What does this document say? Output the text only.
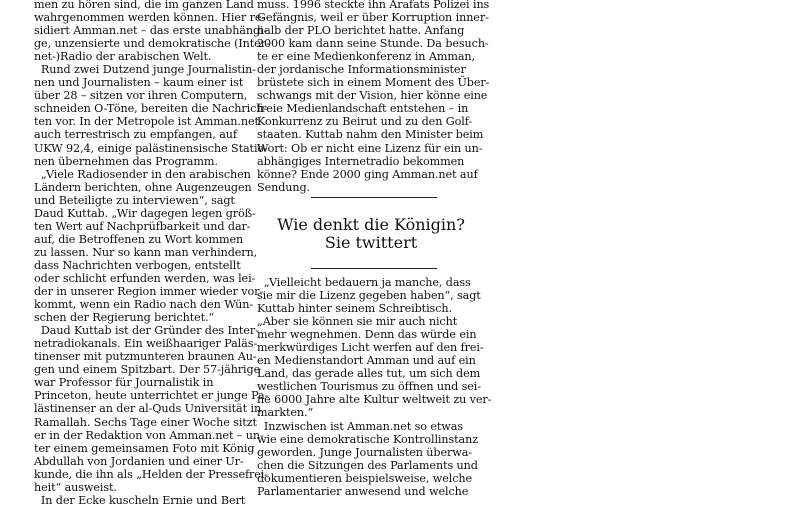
men zu hören sind, die im ganzen Land
wahrgenommen werden können. Hier re-
sidiert Amman.net – das erste unabhängi-
ge, unzensierte und demokratische (Inter-
net-)Radio der arabischen Welt.

Rund zwei Dutzend junge Journalistin-
nen und Journalisten – kaum einer ist
über 28 – sitzen vor ihren Computern,
schneiden O-Töne, bereiten die Nachrich-
ten vor. In der Metropole ist Amman.net
auch terrestrisch zu empfangen, auf
UKW 92,4, einige palästinensische Statio-
nen übernehmen das Programm.

„Viele Radiosender in den arabischen
Ländern berichten, ohne Augenzeugen
und Beteiligte zu interviewen“, sagt
Daud Kuttab. „Wir dagegen legen größ-
ten Wert auf Nachprüfbarkeit und dar-
auf, die Betroffenen zu Wort kommen
zu lassen. Nur so kann man verhindern,
dass Nachrichten verbogen, entstellt
oder schlicht erfunden werden, was lei-
der in unserer Region immer wieder vor-
kommt, wenn ein Radio nach den Wün-
schen der Regierung berichtet.“

Daud Kuttab ist der Gründer des Inter-
netradiokanals. Ein weißhaariger Paläs-
tinenser mit putzmunteren braunen Au-
gen und einem Spitzbart. Der 57-jährige
war Professor für Journalistik in
Princeton, heute unterrichtet er junge Pa-
lästinenser an der al-Quds Universität in
Ramallah. Sechs Tage einer Woche sitzt
er in der Redaktion von Amman.net – un-
ter einem gemeinsamen Foto mit König
Abdullah von Jordanien und einer Ur-
kunde, die ihn als „Helden der Pressefrei-
heit“ ausweist.

In der Ecke kuscheln Ernie und Bert

muss. 1996 steckte ihn Arafats Polizei ins
Gefängnis, weil er über Korruption inner-
halb der PLO berichtet hatte. Anfang
2000 kam dann seine Stunde. Da besuch-
te er eine Medienkonferenz in Amman,
der jordanische Informationsminister
brüstete sich in einem Moment des Über-
schwangs mit der Vision, hier könne eine
freie Medienlandschaft entstehen – in
Konkurrenz zu Beirut und zu den Golf-
staaten. Kuttab nahm den Minister beim
Wort: Ob er nicht eine Lizenz für ein un-
abhängiges Internetradio bekommen
könne? Ende 2000 ging Amman.net auf
Sendung.

Wie denkt die Königin?
Sie twittert

„Vielleicht bedauern ja manche, dass
sie mir die Lizenz gegeben haben“, sagt
Kuttab hinter seinem Schreibtisch.
„Aber sie können sie mir auch nicht
mehr wegnehmen. Denn das würde ein
merkwürdiges Licht werfen auf den frei-
en Medienstandort Amman und auf ein
Land, das gerade alles tut, um sich dem
westlichen Tourismus zu öffnen und sei-
ne 6000 Jahre alte Kultur weltweit zu ver-
markten.“

Inzwischen ist Amman.net so etwas
wie eine demokratische Kontrollinstanz
geworden. Junge Journalisten überwa-
chen die Sitzungen des Parlaments und
dokumentieren beispielsweise, welche
Parlamentarier anwesend und welche
